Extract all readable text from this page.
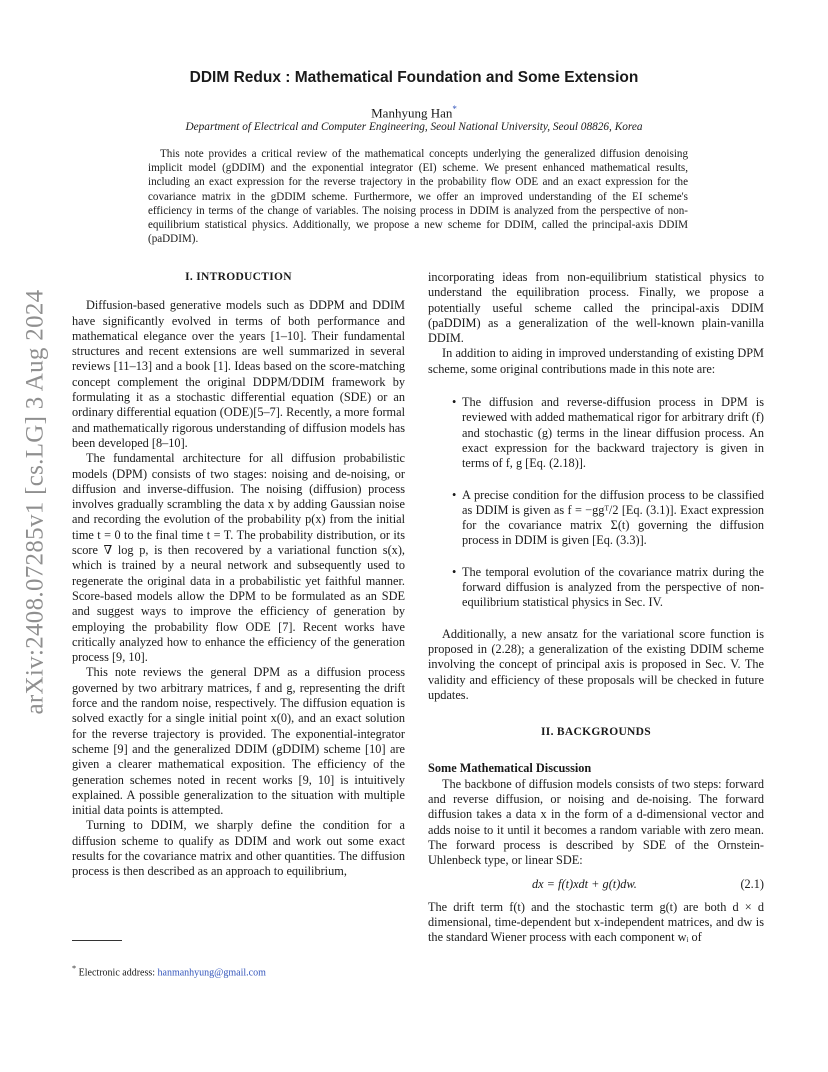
arXiv:2408.07285v1 [cs.LG] 3 Aug 2024
DDIM Redux : Mathematical Foundation and Some Extension
Manhyung Han*
Department of Electrical and Computer Engineering, Seoul National University, Seoul 08826, Korea

This note provides a critical review of the mathematical concepts underlying the generalized diffusion denoising implicit model (gDDIM) and the exponential integrator (EI) scheme. We present enhanced mathematical results, including an exact expression for the reverse trajectory in the probability flow ODE and an exact expression for the covariance matrix in the gDDIM scheme. Furthermore, we offer an improved understanding of the EI scheme's efficiency in terms of the change of variables. The noising process in DDIM is analyzed from the perspective of non-equilibrium statistical physics. Additionally, we propose a new scheme for DDIM, called the principal-axis DDIM (paDDIM).

I. INTRODUCTION

Diffusion-based generative models such as DDPM and DDIM have significantly evolved in terms of both performance and mathematical elegance over the years [1–10]. Their fundamental structures and recent extensions are well summarized in several reviews [11–13] and a book [1]. Ideas based on the score-matching concept complement the original DDPM/DDIM framework by formulating it as a stochastic differential equation (SDE) or an ordinary differential equation (ODE)[5–7]. Recently, a more formal and mathematically rigorous understanding of diffusion models has been developed [8–10].

The fundamental architecture for all diffusion probabilistic models (DPM) consists of two stages: noising and de-noising, or diffusion and inverse-diffusion. The noising (diffusion) process involves gradually scrambling the data x by adding Gaussian noise and recording the evolution of the probability p(x) from the initial time t = 0 to the final time t = T. The probability distribution, or its score ∇ log p, is then recovered by a variational function s(x), which is trained by a neural network and subsequently used to regenerate the original data in a probabilistic yet faithful manner. Score-based models allow the DPM to be formulated as an SDE and suggest ways to improve the efficiency of generation by employing the probability flow ODE [7]. Recent works have critically analyzed how to enhance the efficiency of the generation process [9, 10].

This note reviews the general DPM as a diffusion process governed by two arbitrary matrices, f and g, representing the drift force and the random noise, respectively. The diffusion equation is solved exactly for a single initial point x(0), and an exact solution for the reverse trajectory is provided. The exponential-integrator scheme [9] and the generalized DDIM (gDDIM) scheme [10] are given a clearer mathematical exposition. The efficiency of the generation schemes noted in recent works [9, 10] is intuitively explained. A possible generalization to the situation with multiple initial data points is attempted.

Turning to DDIM, we sharply define the condition for a diffusion scheme to qualify as DDIM and work out some exact results for the covariance matrix and other quantities. The diffusion process is then described as an approach to equilibrium,

incorporating ideas from non-equilibrium statistical physics to understand the equilibration process. Finally, we propose a potentially useful scheme called the principal-axis DDIM (paDDIM) as a generalization of the well-known plain-vanilla DDIM.

In addition to aiding in improved understanding of existing DPM scheme, some original contributions made in this note are:

• The diffusion and reverse-diffusion process in DPM is reviewed with added mathematical rigor for arbitrary drift (f) and stochastic (g) terms in the linear diffusion process. An exact expression for the backward trajectory is given in terms of f, g [Eq. (2.18)].
• A precise condition for the diffusion process to be classified as DDIM is given as f = −ggᵀ/2 [Eq. (3.1)]. Exact expression for the covariance matrix Σ(t) governing the diffusion process in DDIM is given [Eq. (3.3)].
• The temporal evolution of the covariance matrix during the forward diffusion is analyzed from the perspective of non-equilibrium statistical physics in Sec. IV.

Additionally, a new ansatz for the variational score function is proposed in (2.28); a generalization of the existing DDIM scheme involving the concept of principal axis is proposed in Sec. V. The validity and efficiency of these proposals will be checked in future updates.

II. BACKGROUNDS

Some Mathematical Discussion

The backbone of diffusion models consists of two steps: forward and reverse diffusion, or noising and de-noising. The forward diffusion takes a data x in the form of a d-dimensional vector and adds noise to it until it becomes a random variable with zero mean. The forward process is described by SDE of the Ornstein-Uhlenbeck type, or linear SDE:

dx = f(t)xdt + g(t)dw.	(2.1)

The drift term f(t) and the stochastic term g(t) are both d × d dimensional, time-dependent but x-independent matrices, and dw is the standard Wiener process with each component wᵢ of

* Electronic address: hanmanhyung@gmail.com
